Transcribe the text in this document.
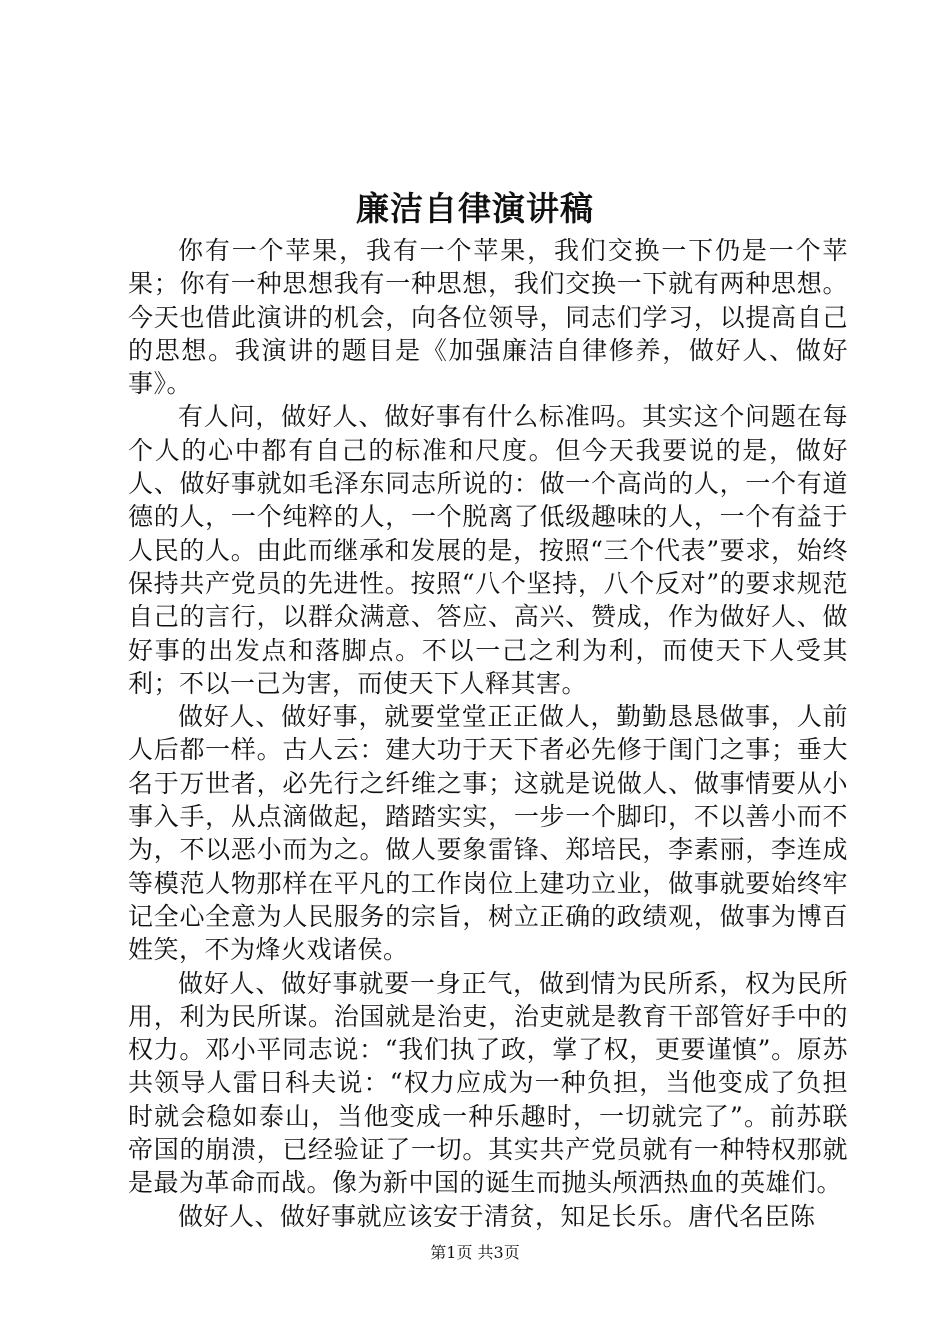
廉洁自律演讲稿

你有一个苹果，我有一个苹果，我们交换一下仍是一个苹果；你有一种思想我有一种思想，我们交换一下就有两种思想。今天也借此演讲的机会，向各位领导，同志们学习，以提高自己的思想。我演讲的题目是《加强廉洁自律修养，做好人、做好事》。

有人问，做好人、做好事有什么标准吗。其实这个问题在每个人的心中都有自己的标准和尺度。但今天我要说的是，做好人、做好事就如毛泽东同志所说的：做一个高尚的人，一个有道德的人，一个纯粹的人，一个脱离了低级趣味的人，一个有益于人民的人。由此而继承和发展的是，按照“三个代表”要求，始终保持共产党员的先进性。按照“八个坚持，八个反对”的要求规范自己的言行，以群众满意、答应、高兴、赞成，作为做好人、做好事的出发点和落脚点。不以一己之利为利，而使天下人受其利；不以一己为害，而使天下人释其害。

做好人、做好事，就要堂堂正正做人，勤勤恳恳做事，人前人后都一样。古人云：建大功于天下者必先修于闺门之事；垂大名于万世者，必先行之纤维之事；这就是说做人、做事情要从小事入手，从点滴做起，踏踏实实，一步一个脚印，不以善小而不为，不以恶小而为之。做人要象雷锋、郑培民，李素丽，李连成等模范人物那样在平凡的工作岗位上建功立业，做事就要始终牢记全心全意为人民服务的宗旨，树立正确的政绩观，做事为博百姓笑，不为烽火戏诸侯。

做好人、做好事就要一身正气，做到情为民所系，权为民所用，利为民所谋。治国就是治吏，治吏就是教育干部管好手中的权力。邓小平同志说：“我们执了政，掌了权，更要谨慎”。原苏共领导人雷日科夫说：“权力应成为一种负担，当他变成了负担时就会稳如泰山，当他变成一种乐趣时，一切就完了”。前苏联帝国的崩溃，已经验证了一切。其实共产党员就有一种特权那就是最为革命而战。像为新中国的诞生而抛头颅洒热血的英雄们。

做好人、做好事就应该安于清贫，知足长乐。唐代名臣陈

第1页 共3页
